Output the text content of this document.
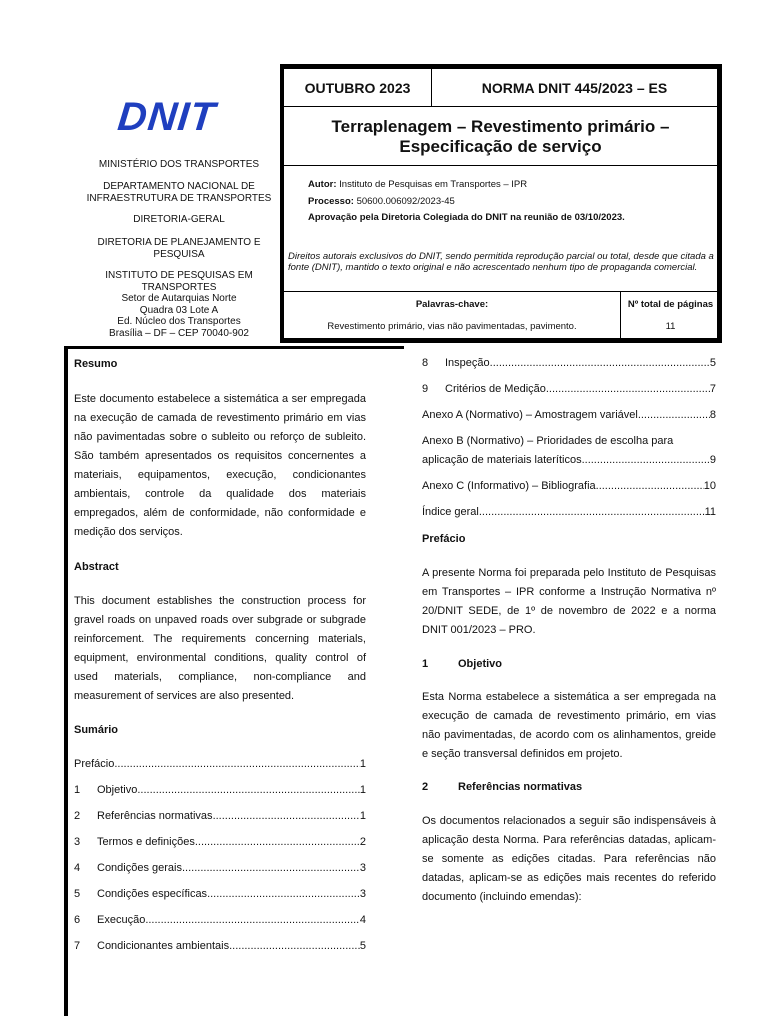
DNIT
MINISTÉRIO DOS TRANSPORTES
DEPARTAMENTO NACIONAL DE INFRAESTRUTURA DE TRANSPORTES
DIRETORIA-GERAL
DIRETORIA DE PLANEJAMENTO E PESQUISA
INSTITUTO DE PESQUISAS EM TRANSPORTES
Setor de Autarquias Norte
Quadra 03 Lote A
Ed. Núcleo dos Transportes
Brasília – DF – CEP 70040-902
OUTUBRO 2023	NORMA DNIT 445/2023 – ES
Terraplenagem – Revestimento primário –
Especificação de serviço
Autor: Instituto de Pesquisas em Transportes – IPR
Processo: 50600.006092/2023-45
Aprovação pela Diretoria Colegiada do DNIT na reunião de 03/10/2023.
Direitos autorais exclusivos do DNIT, sendo permitida reprodução parcial ou total, desde que citada a fonte (DNIT), mantido o texto original e não acrescentado nenhum tipo de propaganda comercial.
Palavras-chave:
Revestimento primário, vias não pavimentadas, pavimento.
Nº total de páginas
11
Resumo
Este documento estabelece a sistemática a ser empregada na execução de camada de revestimento primário em vias não pavimentadas sobre o subleito ou reforço de subleito. São também apresentados os requisitos concernentes a materiais, equipamentos, execução, condicionantes ambientais, controle da qualidade dos materiais empregados, além de conformidade, não conformidade e medição dos serviços.
Abstract
This document establishes the construction process for gravel roads on unpaved roads over subgrade or subgrade reinforcement. The requirements concerning materials, equipment, environmental conditions, quality control of used materials, compliance, non-compliance and measurement of services are also presented.
Sumário
Prefácio .....	1
1	Objetivo .....	1
2	Referências normativas .....	1
3	Termos e definições .....	2
4	Condições gerais .....	3
5	Condições específicas .....	3
6	Execução .....	4
7	Condicionantes ambientais .....	5
8	Inspeção .....	5
9	Critérios de Medição .....	7
Anexo A (Normativo) – Amostragem variável .....	8
Anexo B (Normativo) – Prioridades de escolha para
aplicação de materiais lateríticos. .....	9
Anexo C (Informativo) – Bibliografia .....	10
Índice geral .....	11
Prefácio
A presente Norma foi preparada pelo Instituto de Pesquisas em Transportes – IPR conforme a Instrução Normativa nº 20/DNIT SEDE, de 1º de novembro de 2022 e a norma DNIT 001/2023 – PRO.
1	Objetivo
Esta Norma estabelece a sistemática a ser empregada na execução de camada de revestimento primário, em vias não pavimentadas, de acordo com os alinhamentos, greide e seção transversal definidos em projeto.
2	Referências normativas
Os documentos relacionados a seguir são indispensáveis à aplicação desta Norma. Para referências datadas, aplicam-se somente as edições citadas. Para referências não datadas, aplicam-se as edições mais recentes do referido documento (incluindo emendas):
